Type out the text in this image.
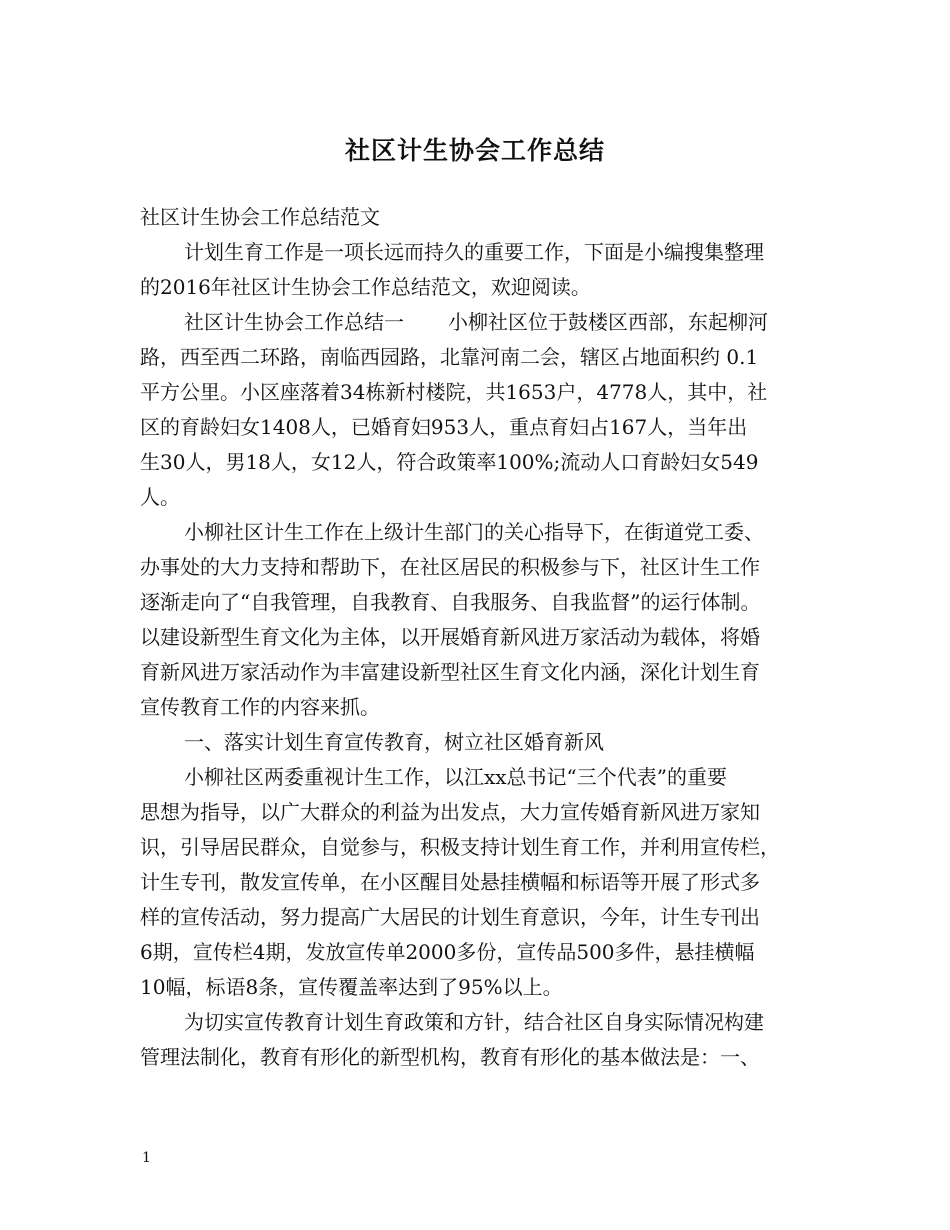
社区计生协会工作总结
社区计生协会工作总结范文
计划生育工作是一项长远而持久的重要工作，下面是小编搜集整理
的2016年社区计生协会工作总结范文，欢迎阅读。
社区计生协会工作总结一 小柳社区位于鼓楼区西部，东起柳河
路，西至西二环路，南临西园路，北靠河南二会，辖区占地面积约 0.1
平方公里。小区座落着34栋新村楼院，共1653户，4778人，其中，社
区的育龄妇女1408人，已婚育妇953人，重点育妇占167人，当年出
生30人，男18人，女12人，符合政策率100%;流动人口育龄妇女549
人。
小柳社区计生工作在上级计生部门的关心指导下，在街道党工委、
办事处的大力支持和帮助下，在社区居民的积极参与下，社区计生工作
逐渐走向了“自我管理，自我教育、自我服务、自我监督”的运行体制。
以建设新型生育文化为主体，以开展婚育新风进万家活动为载体，将婚
育新风进万家活动作为丰富建设新型社区生育文化内涵，深化计划生育
宣传教育工作的内容来抓。
一、落实计划生育宣传教育，树立社区婚育新风
小柳社区两委重视计生工作，以江xx总书记“三个代表”的重要
思想为指导，以广大群众的利益为出发点，大力宣传婚育新风进万家知
识，引导居民群众，自觉参与，积极支持计划生育工作，并利用宣传栏，
计生专刊，散发宣传单，在小区醒目处悬挂横幅和标语等开展了形式多
样的宣传活动，努力提高广大居民的计划生育意识，今年，计生专刊出
6期，宣传栏4期，发放宣传单2000多份，宣传品500多件，悬挂横幅
10幅，标语8条，宣传覆盖率达到了95%以上。
为切实宣传教育计划生育政策和方针，结合社区自身实际情况构建
管理法制化，教育有形化的新型机构，教育有形化的基本做法是：一、
1
